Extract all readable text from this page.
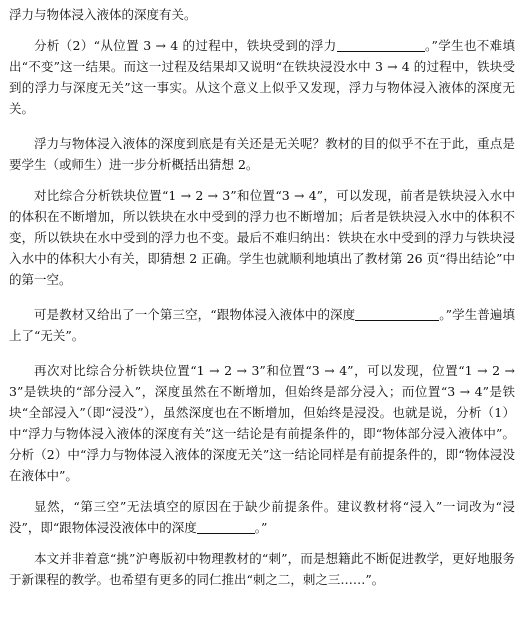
浮力与物体浸入液体的深度有关。

分析（2）“从位置 3 → 4 的过程中，铁块受到的浮力	。”学生也不难填出“不变”这一结果。而这一过程及结果却又说明“在铁块浸没水中 3 → 4 的过程中，铁块受到的浮力与深度无关”这一事实。从这个意义上似乎又发现，浮力与物体浸入液体的深度无关。

浮力与物体浸入液体的深度到底是有关还是无关呢？教材的目的似乎不在于此，重点是要学生（或师生）进一步分析概括出猜想 2。

对比综合分析铁块位置“1 → 2 → 3”和位置“3 → 4”，可以发现，前者是铁块浸入水中的体积在不断增加，所以铁块在水中受到的浮力也不断增加；后者是铁块浸入水中的体积不变，所以铁块在水中受到的浮力也不变。最后不难归纳出：铁块在水中受到的浮力与铁块浸入水中的体积大小有关，即猜想 2 正确。学生也就顺利地填出了教材第 26 页“得出结论”中的第一空。

可是教材又给出了一个第三空，“跟物体浸入液体中的深度	。”学生普遍填上了“无关”。

再次对比综合分析铁块位置“1 → 2 → 3”和位置“3 → 4”，可以发现，位置“1 → 2 → 3”是铁块的“部分浸入”，深度虽然在不断增加，但始终是部分浸入；而位置“3 → 4”是铁块“全部浸入”（即“浸没”），虽然深度也在不断增加，但始终是浸没。也就是说，分析（1）中“浮力与物体浸入液体的深度有关”这一结论是有前提条件的，即“物体部分浸入液体中”。分析（2）中“浮力与物体浸入液体的深度无关”这一结论同样是有前提条件的，即“物体浸没在液体中”。

显然，“第三空”无法填空的原因在于缺少前提条件。建议教材将“浸入”一词改为“浸没”，即“跟物体浸没液体中的深度	。”

本文并非着意“挑”沪粤版初中物理教材的“刺”，而是想籍此不断促进教学，更好地服务于新课程的教学。也希望有更多的同仁推出“刺之二，刺之三……”。
